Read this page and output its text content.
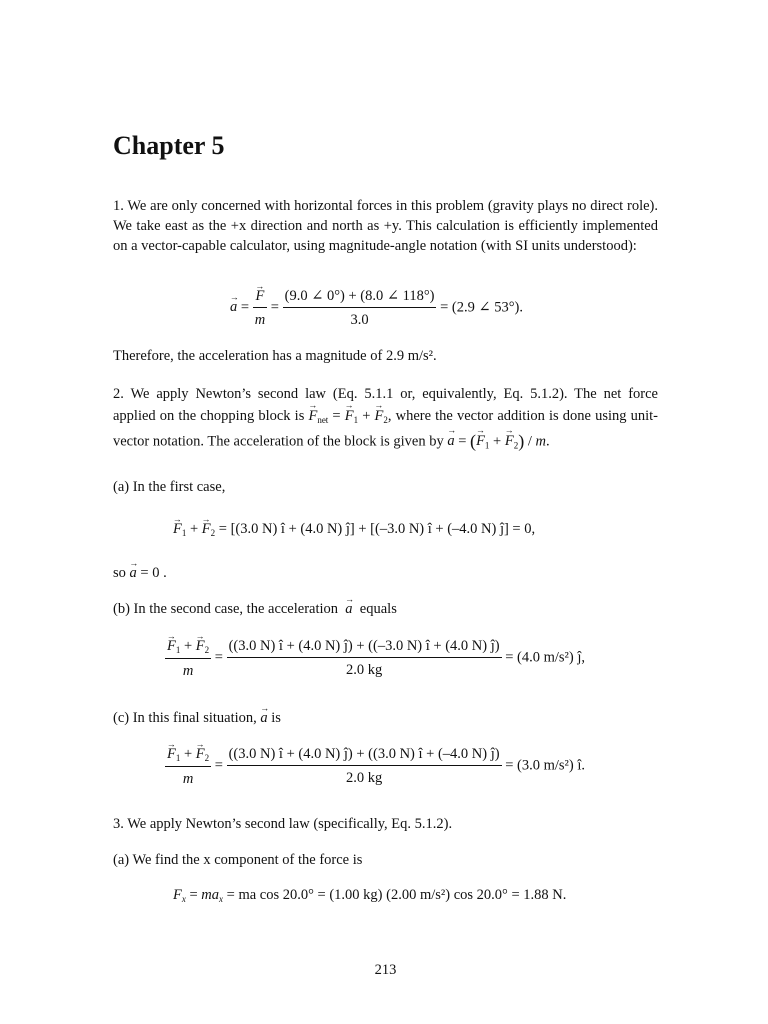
Chapter 5

1. We are only concerned with horizontal forces in this problem (gravity plays no direct role). We take east as the +x direction and north as +y. This calculation is efficiently implemented on a vector-capable calculator, using magnitude-angle notation (with SI units understood):

→ a = → $\frac{F}{m} = \frac{(9.0 \angle 0^\circ) + (8.0 \angle 118^\circ)}{3.0} = (2.9$ ∠ 53°).

Therefore, the acceleration has a magnitude of 2.9 m/s².

2. We apply Newton’s second law (Eq. 5.1.1 or, equivalently, Eq. 5.1.2). The net force applied on the chopping block is → $F_{net}$ = → $F_1$ + → $F_2$, where the vector addition is done using unit-vector notation. The acceleration of the block is given by → a = (→ $F_1$ + → $F_2$) / m.

(a) In the first case,

→ $F_1$ + → $F_2 = [(3.0$ N) î + (4.0 N) ĵ] + [(–3.0 N) î + (–4.0 N) ĵ] = 0,

so → a = 0 .

(b) In the second case, the acceleration → a equals

→ $\frac{F_1 + \to F_2}{m} = \frac{((3.0 N) î + (4.0 N) ĵ) + ((-3.0 N) î + (4.0 N) ĵ)}{2.0 kg} = (4.0$ m/s²) ĵ,

(c) In this final situation, → a is

→ $\frac{F_1 + \to F_2}{m} = \frac{((3.0 N) î + (4.0 N) ĵ) + ((3.0 N) î + (-4.0 N) ĵ)}{2.0 kg} = (3.0$ m/s²) î.

3. We apply Newton’s second law (specifically, Eq. 5.1.2).

(a) We find the x component of the force is

$F_x = ma_x$ = ma cos 20.0° = (1.00 kg) (2.00 m/s²) cos 20.0° = 1.88 N.
213
